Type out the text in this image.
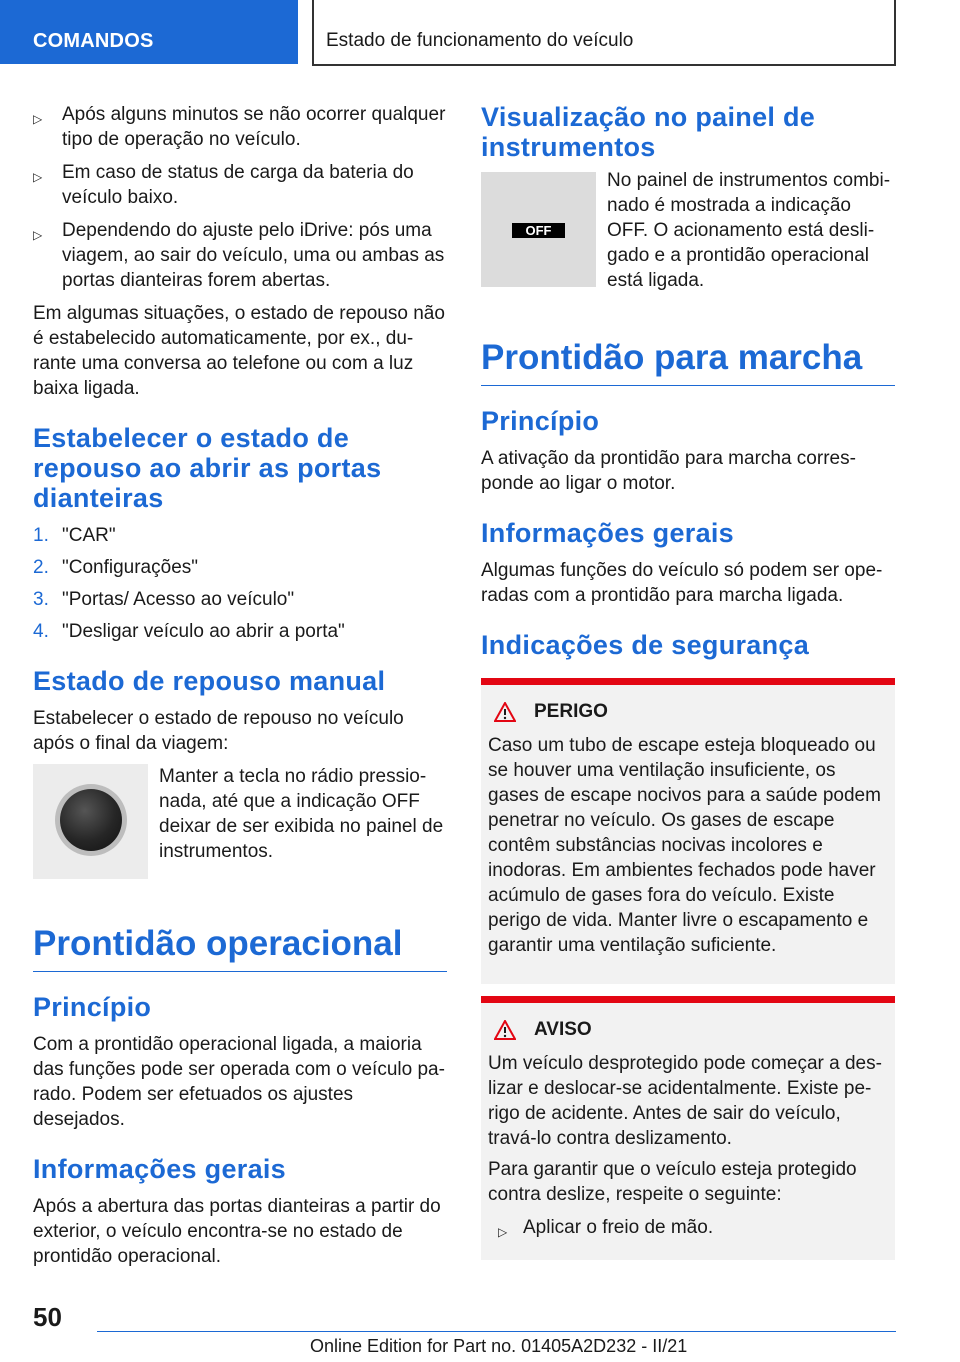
COMANDOS	Estado de funcionamento do veículo
▷ Após alguns minutos se não ocorrer qualquer tipo de operação no veículo.
▷ Em caso de status de carga da bateria do veículo baixo.
▷ Dependendo do ajuste pelo iDrive: pós uma viagem, ao sair do veículo, uma ou ambas as portas dianteiras forem abertas.

Em algumas situações, o estado de repouso não é estabelecido automaticamente, por ex., durante uma conversa ao telefone ou com a luz baixa ligada.

Estabelecer o estado de repouso ao abrir as portas dianteiras
1. "CAR"
2. "Configurações"
3. "Portas/ Acesso ao veículo"
4. "Desligar veículo ao abrir a porta"
Estado de repouso manual

Estabelecer o estado de repouso no veículo após o final da viagem:

Manter a tecla no rádio pressionada, até que a indicação OFF deixar de ser exibida no painel de instrumentos.
Prontidão operacional
Princípio

Com a prontidão operacional ligada, a maioria das funções pode ser operada com o veículo parado. Podem ser efetuados os ajustes desejados.

Informações gerais

Após a abertura das portas dianteiras a partir do exterior, o veículo encontra-se no estado de prontidão operacional.

Visualização no painel de instrumentos
OFF
No painel de instrumentos combinado é mostrada a indicação OFF. O acionamento está desligado e a prontidão operacional está ligada.
Prontidão para marcha
Princípio

A ativação da prontidão para marcha corresponde ao ligar o motor.

Informações gerais

Algumas funções do veículo só podem ser operadas com a prontidão para marcha ligada.

Indicações de segurança
PERIGO

Caso um tubo de escape esteja bloqueado ou se houver uma ventilação insuficiente, os gases de escape nocivos para a saúde podem penetrar no veículo. Os gases de escape contêm substâncias nocivas incolores e inodoras. Em ambientes fechados pode haver acúmulo de gases fora do veículo. Existe perigo de vida. Manter livre o escapamento e garantir uma ventilação suficiente.

AVISO

Um veículo desprotegido pode começar a deslizar e deslocar-se acidentalmente. Existe perigo de acidente. Antes de sair do veículo, travá-lo contra deslizamento.

Para garantir que o veículo esteja protegido contra deslize, respeite o seguinte:

▷ Aplicar o freio de mão.
50
Online Edition for Part no. 01405A2D232 - II/21
